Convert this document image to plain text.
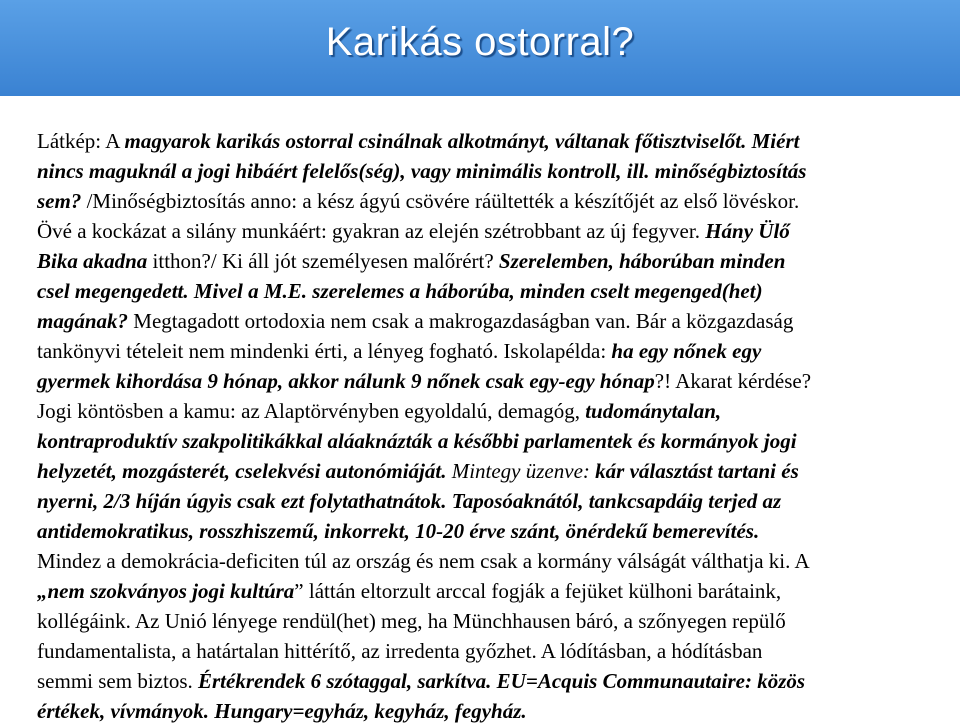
Karikás ostorral?
Látkép: A magyarok karikás ostorral csinálnak alkotmányt, váltanak főtisztviselőt. Miért
nincs maguknál a jogi hibáért felelős(ség), vagy minimális kontroll, ill. minőségbiztosítás
sem? /Minőségbiztosítás anno: a kész ágyú csövére ráültették a készítőjét az első lövéskor.
Övé a kockázat a silány munkáért: gyakran az elején szétrobbant az új fegyver. Hány Ülő
Bika akadna itthon?/ Ki áll jót személyesen malőrért? Szerelemben, háborúban minden
csel megengedett. Mivel a M.E. szerelemes a háborúba, minden cselt megenged(het)
magának? Megtagadott ortodoxia nem csak a makrogazdaságban van. Bár a közgazdaság
tankönyvi tételeit nem mindenki érti, a lényeg fogható. Iskolapélda: ha egy nőnek egy
gyermek kihordása 9 hónap, akkor nálunk 9 nőnek csak egy-egy hónap?! Akarat kérdése?
Jogi köntösben a kamu: az Alaptörvényben egyoldalú, demagóg, tudománytalan,
kontraproduktív szakpolitikákkal aláaknázták a későbbi parlamentek és kormányok jogi
helyzetét, mozgásterét, cselekvési autonómiáját. Mintegy üzenve: kár választást tartani és
nyerni, 2/3 híján úgyis csak ezt folytathatnátok. Taposóaknától, tankcsapdáig terjed az
antidemokratikus, rosszhiszemű, inkorrekt, 10-20 érve szánt, önérdekű bemerevítés.
Mindez a demokrácia-deficiten túl az ország és nem csak a kormány válságát válthatja ki. A
„nem szokványos jogi kultúra” láttán eltorzult arccal fogják a fejüket külhoni barátaink,
kollégáink. Az Unió lényege rendül(het) meg, ha Münchhausen báró, a szőnyegen repülő
fundamentalista, a határtalan hittérítő, az irredenta győzhet. A lódításban, a hódításban
semmi sem biztos. Értékrendek 6 szótaggal, sarkítva. EU=Acquis Communautaire: közös
értékek, vívmányok. Hungary=egyház, kegyház, fegyház.
